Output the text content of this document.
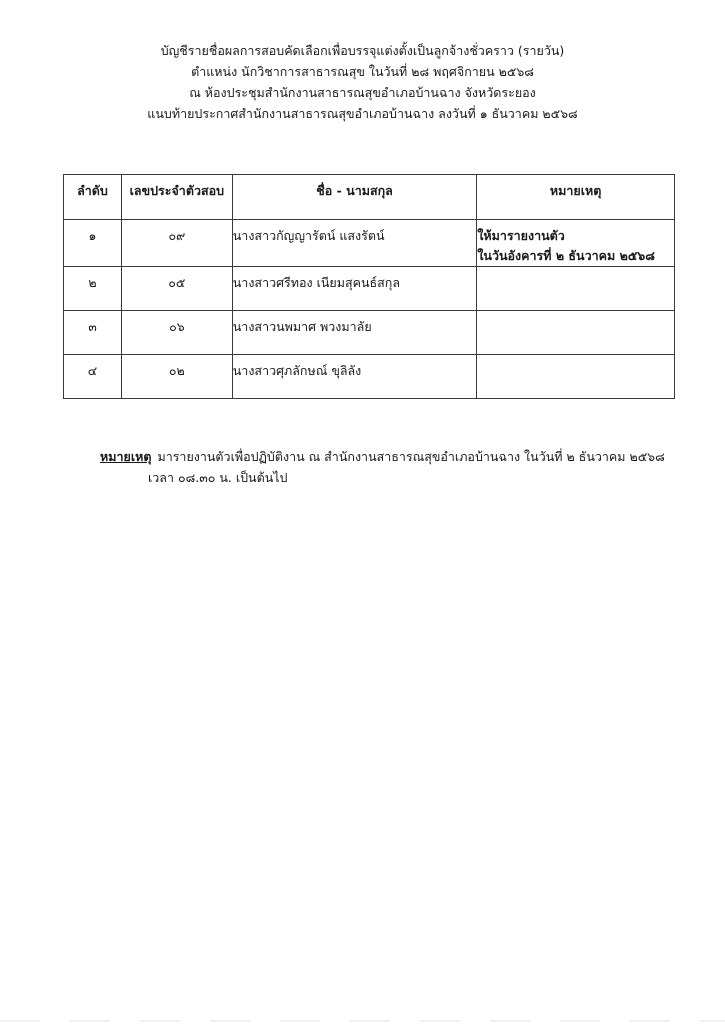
บัญชีรายชื่อผลการสอบคัดเลือกเพื่อบรรจุแต่งตั้งเป็นลูกจ้างชั่วคราว (รายวัน)
ตำแหน่ง นักวิชาการสาธารณสุข ในวันที่ ๒๘ พฤศจิกายน ๒๕๖๘
ณ ห้องประชุมสำนักงานสาธารณสุขอำเภอบ้านฉาง จังหวัดระยอง
แนบท้ายประกาศสำนักงานสาธารณสุขอำเภอบ้านฉาง ลงวันที่ ๑ ธันวาคม ๒๕๖๘
ลำดับ	เลขประจำตัวสอบ	ชื่อ - นามสกุล	หมายเหตุ
๑	๐๙	นางสาวกัญญารัตน์ แสงรัตน์	ให้มารายงานตัว
ในวันอังคารที่ ๒ ธันวาคม ๒๕๖๘

๒	๐๕	นางสาวศรีทอง เนียมสุคนธ์สกุล	

๓	๐๖	นางสาวนพมาศ พวงมาลัย	

๔	๐๒	นางสาวศุภลักษณ์ ขุลิลัง	
หมายเหตุ มารายงานตัวเพื่อปฏิบัติงาน ณ สำนักงานสาธารณสุขอำเภอบ้านฉาง ในวันที่ ๒ ธันวาคม ๒๕๖๘
เวลา ๐๘.๓๐ น. เป็นต้นไป
